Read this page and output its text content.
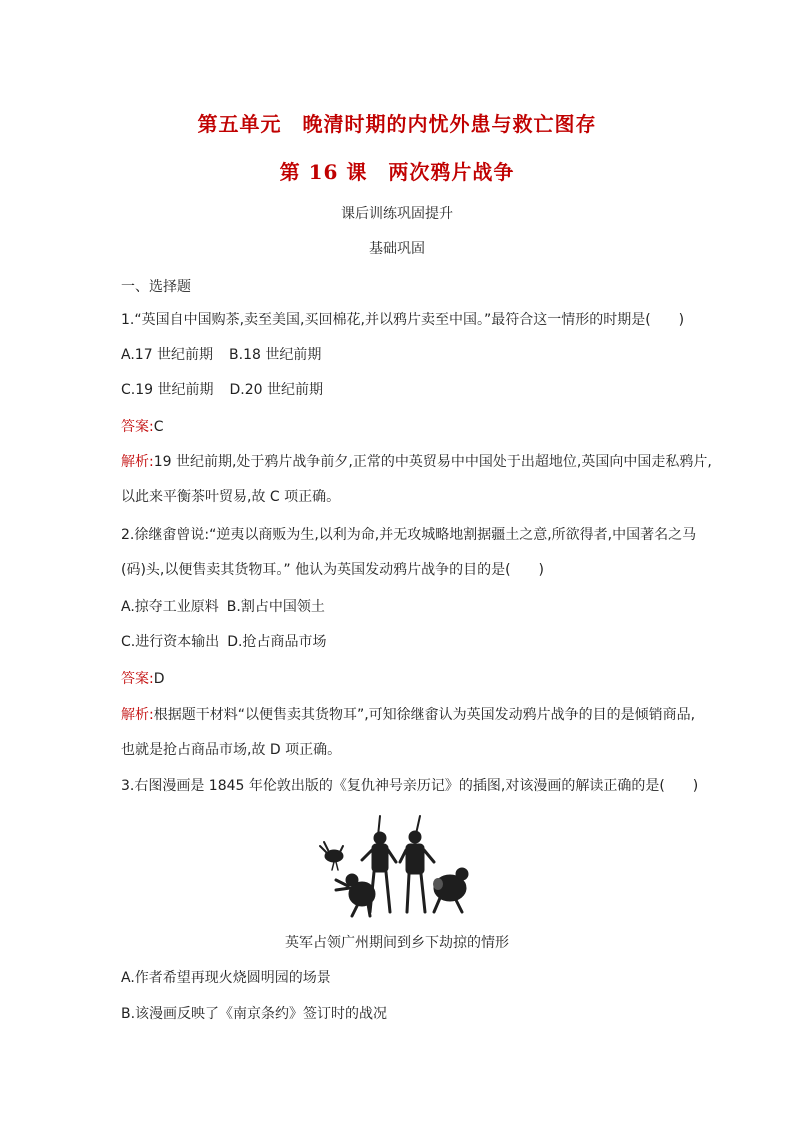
第五单元　晚清时期的内忧外患与救亡图存
第 16 课　两次鸦片战争
课后训练巩固提升
基础巩固
一、选择题
1.“英国自中国购茶,卖至美国,买回棉花,并以鸦片卖至中国。”最符合这一情形的时期是(　　)
A.17 世纪前期 B.18 世纪前期
C.19 世纪前期 D.20 世纪前期
答案:C
解析:19 世纪前期,处于鸦片战争前夕,正常的中英贸易中中国处于出超地位,英国向中国走私鸦片,
以此来平衡茶叶贸易,故 C 项正确。
2.徐继畬曾说:“逆夷以商贩为生,以利为命,并无攻城略地割据疆土之意,所欲得者,中国著名之马
(码)头,以便售卖其货物耳。” 他认为英国发动鸦片战争的目的是(　　)
A.掠夺工业原料 B.割占中国领土
C.进行资本输出 D.抢占商品市场
答案:D
解析:根据题干材料“以便售卖其货物耳”,可知徐继畬认为英国发动鸦片战争的目的是倾销商品,
也就是抢占商品市场,故 D 项正确。
3.右图漫画是 1845 年伦敦出版的《复仇神号亲历记》的插图,对该漫画的解读正确的是(　　)
英军占领广州期间到乡下劫掠的情形
A.作者希望再现火烧圆明园的场景
B.该漫画反映了《南京条约》签订时的战况
